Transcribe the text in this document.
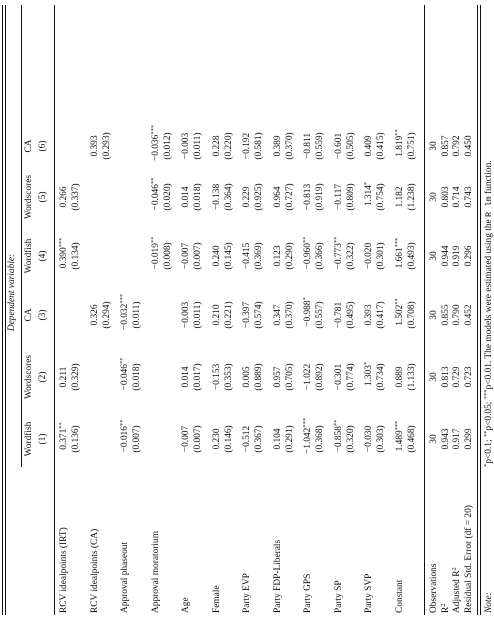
Dependent variable:
Wordfish (1)
Wordscores (2)
CA (3)
Wordfish (4)
Wordscores (5)
CA (6)
RCV idealpoints (IRT)
0.371**
0.211
0.390***
0.266
(0.136)
(0.329)
(0.134)
(0.337)
RCV idealpoints (CA)
0.326
0.393
(0.294)
(0.293)
Approval phaseout
−0.016**
−0.046**
−0.032***
(0.007)
(0.018)
(0.011)
Approval moratorium
−0.019**
−0.046**
−0.036***
(0.008)
(0.020)
(0.012)
Age
−0.007
0.014
−0.003
−0.007
0.014
−0.003
(0.007)
(0.017)
(0.011)
(0.007)
(0.018)
(0.011)
Female
0.230
−0.153
0.210
0.240
−0.138
0.228
(0.146)
(0.353)
(0.221)
(0.145)
(0.364)
(0.220)
Party EVP
−0.512
0.005
−0.397
−0.415
0.229
−0.192
(0.367)
(0.889)
(0.574)
(0.369)
(0.925)
(0.581)
Party FDP-Liberals
0.104
0.957
0.347
0.123
0.964
0.389
(0.291)
(0.705)
(0.370)
(0.290)
(0.727)
(0.370)
Party GPS
−1.042***
−1.022
−0.988*
−0.960**
−0.813
−0.811
(0.368)
(0.892)
(0.557)
(0.366)
(0.919)
(0.559)
Party SP
−0.858**
−0.301
−0.781
−0.773**
−0.117
−0.601
(0.320)
(0.774)
(0.495)
(0.322)
(0.809)
(0.505)
Party SVP
−0.030
1.303*
0.393
−0.020
1.314*
0.409
(0.303)
(0.734)
(0.417)
(0.301)
(0.754)
(0.415)
Constant
1.489***
0.889
1.502**
1.661***
1.182
1.819**
(0.468)
(1.133)
(0.708)
(0.493)
(1.238)
(0.751)
Observations
30
30
30
30
30
30
$R^2$
0.943
0.813
0.855
0.944
0.803
0.857
Adjusted $R^2$
0.917
0.729
0.790
0.919
0.714
0.792
Residual Std. Error (df = 20)
0.299
0.723
0.452
0.296
0.743
0.450
Note:
*p<0.1; **p<0.05; ***p<0.01. The models were estimated using the R lm function.
